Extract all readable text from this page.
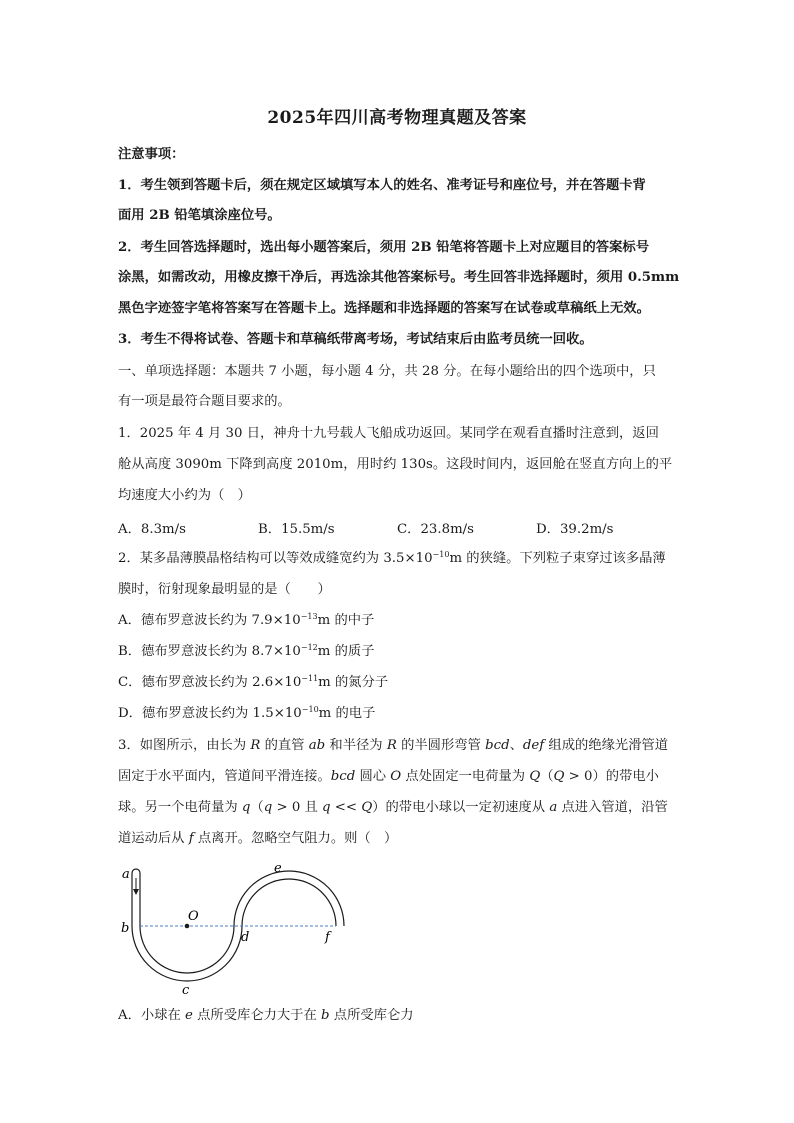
2025年四川高考物理真题及答案
注意事项：
1．考生领到答题卡后，须在规定区域填写本人的姓名、准考证号和座位号，并在答题卡背
面用 2B 铅笔填涂座位号。
2．考生回答选择题时，选出每小题答案后，须用 2B 铅笔将答题卡上对应题目的答案标号
涂黑，如需改动，用橡皮擦干净后，再选涂其他答案标号。考生回答非选择题时，须用 0.5mm
黑色字迹签字笔将答案写在答题卡上。选择题和非选择题的答案写在试卷或草稿纸上无效。
3．考生不得将试卷、答题卡和草稿纸带离考场，考试结束后由监考员统一回收。
一、单项选择题：本题共 7 小题，每小题 4 分，共 28 分。在每小题给出的四个选项中，只
有一项是最符合题目要求的。
1．2025 年 4 月 30 日，神舟十九号载人飞船成功返回。某同学在观看直播时注意到，返回
舱从高度 3090m 下降到高度 2010m，用时约 130s。这段时间内，返回舱在竖直方向上的平
均速度大小约为（　）
A．8.3m/s	B．15.5m/s	C．23.8m/s	D．39.2m/s
2．某多晶薄膜晶格结构可以等效成缝宽约为 $3.5\times 10^{-10}m$ 的狭缝。下列粒子束穿过该多晶薄
膜时，衍射现象最明显的是（　　）
A．德布罗意波长约为 $7.9\times 10^{-13}m$ 的中子
B．德布罗意波长约为 $8.7\times 10^{-12}m$ 的质子
C．德布罗意波长约为 $2.6\times 10^{-11}m$ 的氮分子
D．德布罗意波长约为 $1.5\times 10^{-10}m$ 的电子
3．如图所示，由长为 R 的直管 ab 和半径为 R 的半圆形弯管 bcd、def 组成的绝缘光滑管道
固定于水平面内，管道间平滑连接。bcd 圆心 O 点处固定一电荷量为 Q（Q > 0）的带电小
球。另一个电荷量为 q（q > 0 且 q << Q）的带电小球以一定初速度从 a 点进入管道，沿管
道运动后从 f 点离开。忽略空气阻力。则（　）
O
a
b
c
d
e
f
A．小球在 e 点所受库仑力大于在 b 点所受库仑力
